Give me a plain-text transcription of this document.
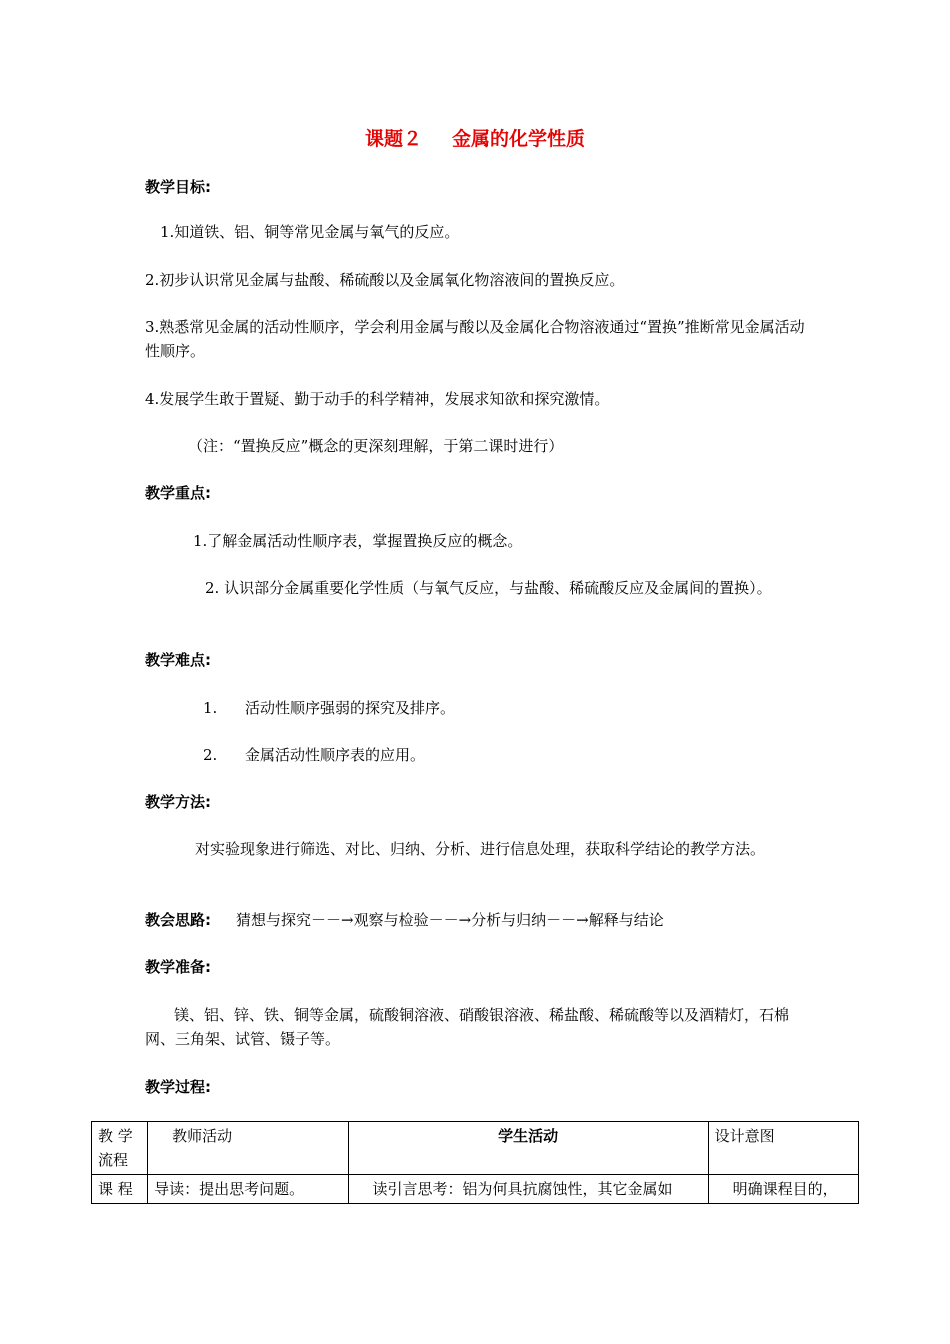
课题２ 金属的化学性质
教学目标:
1.知道铁、铝、铜等常见金属与氧气的反应。
2.初步认识常见金属与盐酸、稀硫酸以及金属氧化物溶液间的置换反应。
3.熟悉常见金属的活动性顺序，学会利用金属与酸以及金属化合物溶液通过“置换”推断常见金属活动性顺序。
4.发展学生敢于置疑、勤于动手的科学精神，发展求知欲和探究激情。
（注：“置换反应”概念的更深刻理解，于第二课时进行）
教学重点:
1.了解金属活动性顺序表，掌握置换反应的概念。
2. 认识部分金属重要化学性质（与氧气反应，与盐酸、稀硫酸反应及金属间的置换）。
教学难点:
1. 活动性顺序强弱的探究及排序。
2. 金属活动性顺序表的应用。
教学方法:
对实验现象进行筛选、对比、归纳、分析、进行信息处理，获取科学结论的教学方法。
教会思路: 猜想与探究－－→观察与检验－－→分析与归纳－－→解释与结论
教学准备:
镁、铝、锌、铁、铜等金属，硫酸铜溶液、硝酸银溶液、稀盐酸、稀硫酸等以及酒精灯，石棉网、三角架、试管、镊子等。
教学过程:
教 学 流程	教师活动	学生活动	设计意图
课 程	导读：提出思考问题。	读引言思考：铝为何具抗腐蚀性，其它金属如	明确课程目的，
